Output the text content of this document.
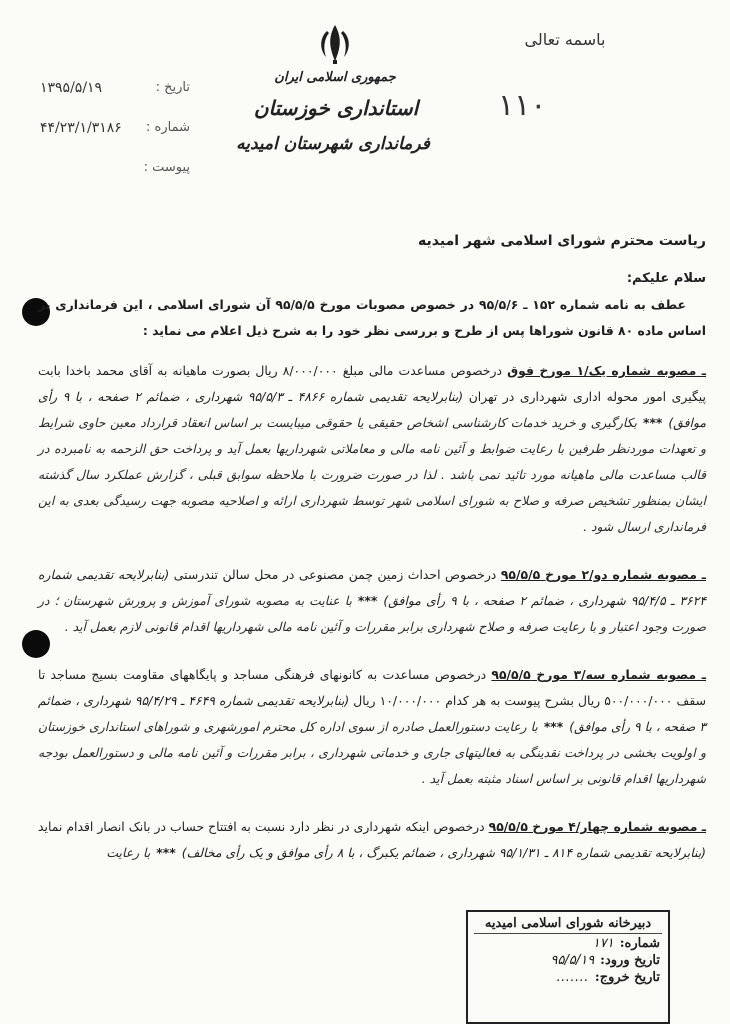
باسمه تعالی
۱۱۰
جمهوری اسلامی ایران
استانداری خوزستان
فرمانداری شهرستان امیدیه
تاریخ :
۱۳۹۵/۵/۱۹
شماره :
۴۴/۲۳/۱/۳۱۸۶
پیوست :

ریاست محترم شورای اسلامی شهر امیدیه

سلام علیکم:

عطف به نامه شماره ۱۵۲ ـ ۹۵/۵/۶ در خصوص مصوبات مورخ ۹۵/۵/۵ آن شورای اسلامی ، این فرمانداری بر اساس ماده ۸۰ قانون شوراها پس از طرح و بررسی نظر خود را به شرح ذیل اعلام می نماید :

ـ مصوبه شماره یک/۱ مورخ فوق درخصوص مساعدت مالی مبلغ ۸/۰۰۰/۰۰۰ ریال بصورت ماهیانه به آقای محمد باخدا بابت پیگیری امور محوله اداری شهرداری در تهران (بنابرلایحه تقدیمی شماره ۴۸۶۶ ـ ۹۵/۵/۳ شهرداری ، ضمائم ۲ صفحه ، با ۹ رأی موافق)***بکارگیری و خرید خدمات کارشناسی اشخاص حقیقی یا حقوقی میبایست بر اساس انعقاد قرارداد معین حاوی شرایط و تعهدات موردنظر طرفین با رعایت ضوابط و آئین نامه مالی و معاملاتی شهرداریها بعمل آید و پرداخت حق الزحمه به نامبرده در قالب مساعدت مالی ماهیانه مورد تائید نمی باشد . لذا در صورت ضرورت با ملاحظه سوابق قبلی ، گزارش عملکرد سال گذشته ایشان بمنظور تشخیص صرفه و صلاح به شورای اسلامی شهر توسط شهرداری ارائه و اصلاحیه مصوبه جهت رسیدگی بعدی به این فرمانداری ارسال شود .
ـ مصوبه شماره دو/۲ مورخ ۹۵/۵/۵ درخصوص احداث زمین چمن مصنوعی در محل سالن تندرستی (بنابرلایحه تقدیمی شماره ۳۶۲۴ ـ ۹۵/۴/۵ شهرداری ، ضمائم ۲ صفحه ، با ۹ رأی موافق)***با عنایت به مصوبه شورای آموزش و پرورش شهرستان ؛ در صورت وجود اعتبار و با رعایت صرفه و صلاح شهرداری برابر مقررات و آئین نامه مالی شهرداریها اقدام قانونی لازم بعمل آید .
ـ مصوبه شماره سه/۳ مورخ ۹۵/۵/۵ درخصوص مساعدت به کانونهای فرهنگی مساجد و پایگاههای مقاومت بسیج مساجد تا سقف ۵۰۰/۰۰۰/۰۰۰ ریال بشرح پیوست به هر کدام ۱۰/۰۰۰/۰۰۰ ریال (بنابرلایحه تقدیمی شماره ۴۶۴۹ ـ ۹۵/۴/۲۹ شهرداری ، ضمائم ۳ صفحه ، با ۹ رأی موافق)***با رعایت دستورالعمل صادره از سوی اداره کل محترم امورشهری و شوراهای استانداری خوزستان و اولویت بخشی در پرداخت نقدینگی به فعالیتهای جاری و خدماتی شهرداری ، برابر مقررات و آئین نامه مالی و دستورالعمل بودجه شهرداریها اقدام قانونی بر اساس اسناد مثبته بعمل آید .
ـ مصوبه شماره چهار/۴ مورخ ۹۵/۵/۵ درخصوص اینکه شهرداری در نظر دارد نسبت به افتتاح حساب در بانک انصار اقدام نماید (بنابرلایحه تقدیمی شماره ۸۱۴ ـ ۹۵/۱/۳۱ شهرداری ، ضمائم یکبرگ ، با ۸ رأی موافق و یک رأی مخالف)***با رعایت
دبیرخانه شورای اسلامی امیدیه
شماره:
۱۷۱
تاریخ ورود:
۹۵/۵/۱۹
تاریخ خروج:
.......
